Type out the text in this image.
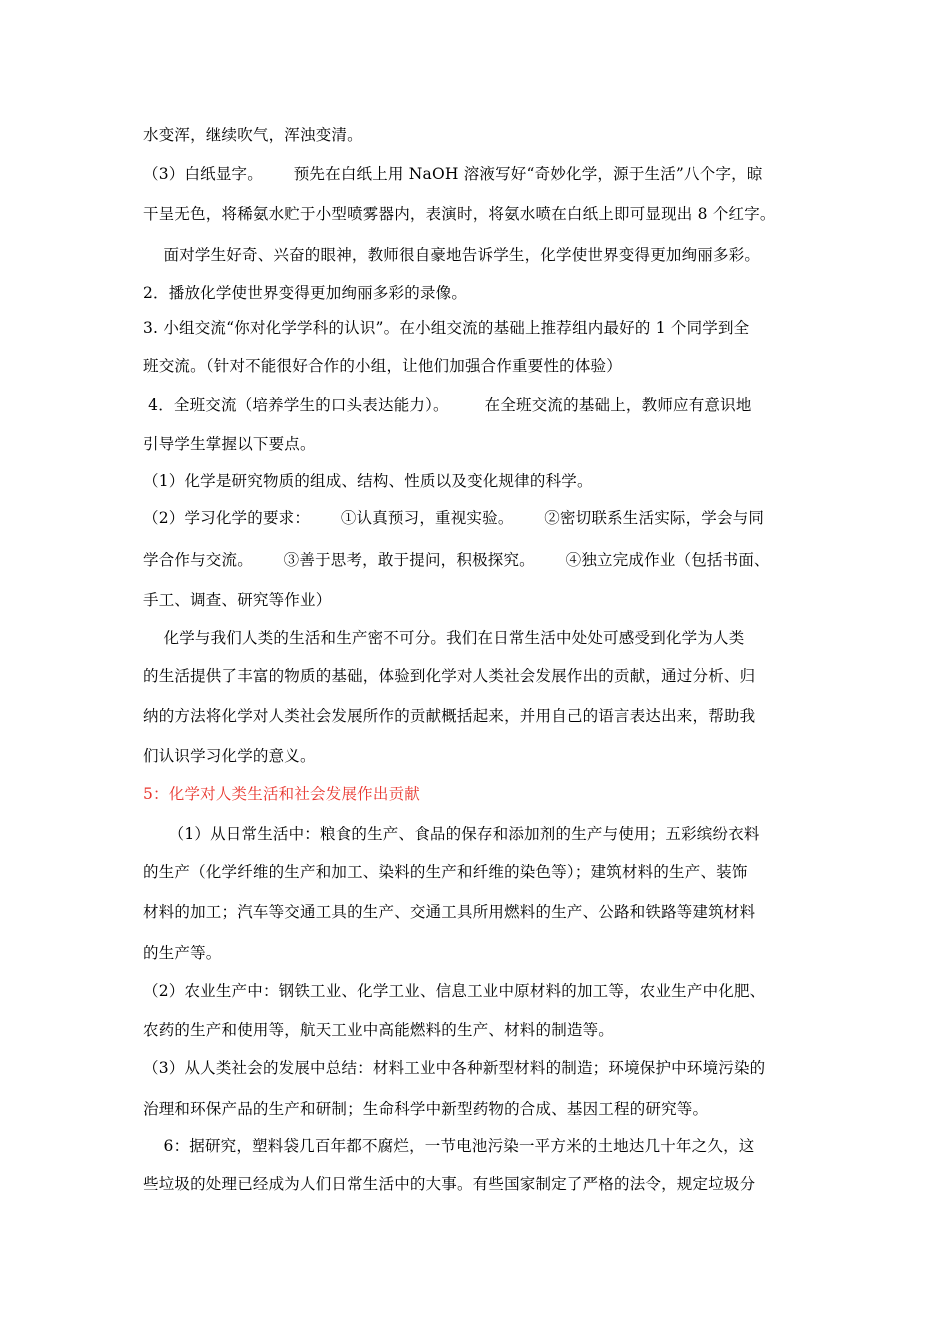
水变浑，继续吹气，浑浊变清。
（3）白纸显字。      预先在白纸上用 NaOH 溶液写好“奇妙化学，源于生活”八个字，晾
干呈无色，将稀氨水贮于小型喷雾器内，表演时，将氨水喷在白纸上即可显现出 8 个红字。
面对学生好奇、兴奋的眼神，教师很自豪地告诉学生，化学使世界变得更加绚丽多彩。
2．播放化学使世界变得更加绚丽多彩的录像。
3. 小组交流“你对化学学科的认识”。在小组交流的基础上推荐组内最好的 1 个同学到全
班交流。（针对不能很好合作的小组，让他们加强合作重要性的体验）
4．全班交流（培养学生的口头表达能力）。       在全班交流的基础上，教师应有意识地
引导学生掌握以下要点。
（1）化学是研究物质的组成、结构、性质以及变化规律的科学。
（2）学习化学的要求：      ①认真预习，重视实验。      ②密切联系生活实际，学会与同
学合作与交流。      ③善于思考，敢于提问，积极探究。      ④独立完成作业（包括书面、
手工、调查、研究等作业）
化学与我们人类的生活和生产密不可分。我们在日常生活中处处可感受到化学为人类
的生活提供了丰富的物质的基础，体验到化学对人类社会发展作出的贡献，通过分析、归
纳的方法将化学对人类社会发展所作的贡献概括起来，并用自己的语言表达出来，帮助我
们认识学习化学的意义。
5：化学对人类生活和社会发展作出贡献
（1）从日常生活中：粮食的生产、食品的保存和添加剂的生产与使用；五彩缤纷衣料
的生产（化学纤维的生产和加工、染料的生产和纤维的染色等）；建筑材料的生产、装饰
材料的加工；汽车等交通工具的生产、交通工具所用燃料的生产、公路和铁路等建筑材料
的生产等。
（2）农业生产中：钢铁工业、化学工业、信息工业中原材料的加工等，农业生产中化肥、
农药的生产和使用等，航天工业中高能燃料的生产、材料的制造等。
（3）从人类社会的发展中总结：材料工业中各种新型材料的制造；环境保护中环境污染的
治理和环保产品的生产和研制；生命科学中新型药物的合成、基因工程的研究等。
6：据研究，塑料袋几百年都不腐烂，一节电池污染一平方米的土地达几十年之久，这
些垃圾的处理已经成为人们日常生活中的大事。有些国家制定了严格的法令，规定垃圾分
